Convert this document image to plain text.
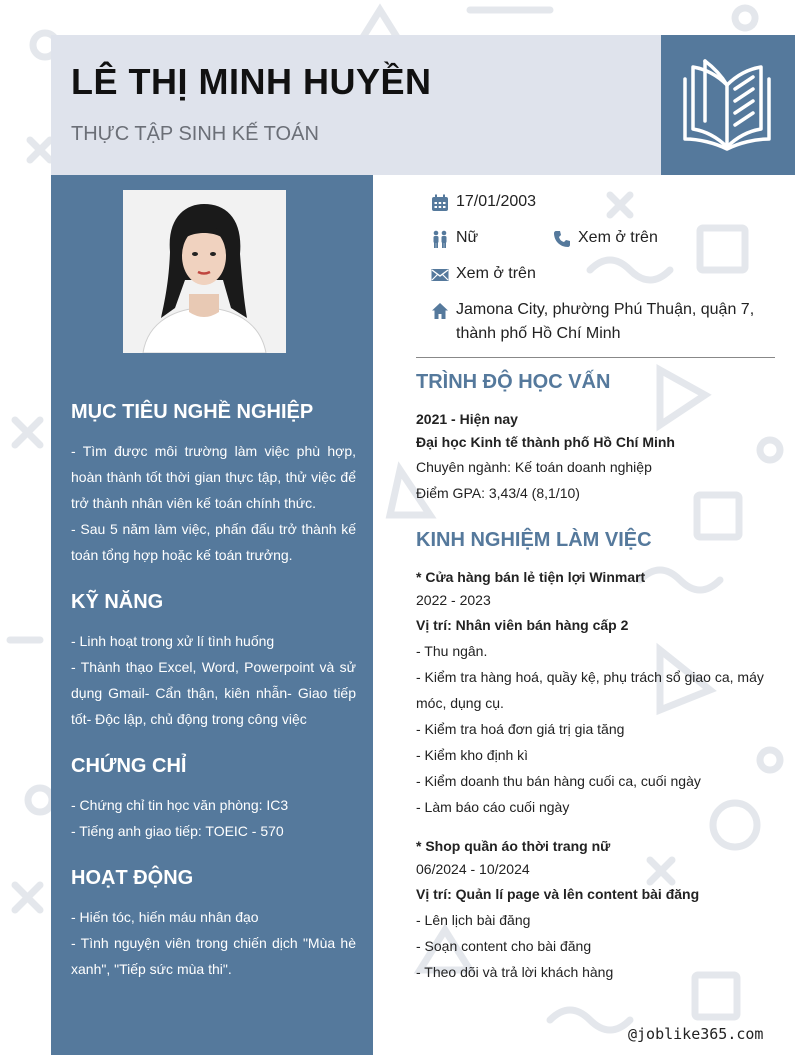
LÊ THỊ MINH HUYỀN
THỰC TẬP SINH KẾ TOÁN
MỤC TIÊU NGHỀ NGHIỆP

- Tìm được môi trường làm việc phù hợp, hoàn thành tốt thời gian thực tập, thử việc để trở thành nhân viên kế toán chính thức.

- Sau 5 năm làm việc, phấn đấu trở thành kế toán tổng hợp hoặc kế toán trưởng.

KỸ NĂNG

- Linh hoạt trong xử lí tình huống

- Thành thạo Excel, Word, Powerpoint và sử dụng Gmail- Cẩn thận, kiên nhẫn- Giao tiếp tốt- Độc lập, chủ động trong công việc

CHỨNG CHỈ

- Chứng chỉ tin học văn phòng: IC3

- Tiếng anh giao tiếp: TOEIC - 570

HOẠT ĐỘNG

- Hiến tóc, hiến máu nhân đạo

- Tình nguyện viên trong chiến dịch "Mùa hè xanh", "Tiếp sức mùa thi".

17/01/2003
Nữ	Xem ở trên
Xem ở trên
Jamona City, phường Phú Thuận, quận 7,
thành phố Hồ Chí Minh
TRÌNH ĐỘ HỌC VẤN

2021 - Hiện nay

Đại học Kinh tế thành phố Hồ Chí Minh

Chuyên ngành: Kế toán doanh nghiệp

Điểm GPA: 3,43/4 (8,1/10)

KINH NGHIỆM LÀM VIỆC

* Cửa hàng bán lẻ tiện lợi Winmart

2022 - 2023

Vị trí: Nhân viên bán hàng cấp 2

- Thu ngân.

- Kiểm tra hàng hoá, quầy kệ, phụ trách sổ giao ca, máy móc, dụng cụ.

- Kiểm tra hoá đơn giá trị gia tăng

- Kiểm kho định kì

- Kiểm doanh thu bán hàng cuối ca, cuối ngày

- Làm báo cáo cuối ngày

* Shop quần áo thời trang nữ

06/2024 - 10/2024

Vị trí: Quản lí page và lên content bài đăng

- Lên lịch bài đăng

- Soạn content cho bài đăng

- Theo dõi và trả lời khách hàng

@joblike365.com
